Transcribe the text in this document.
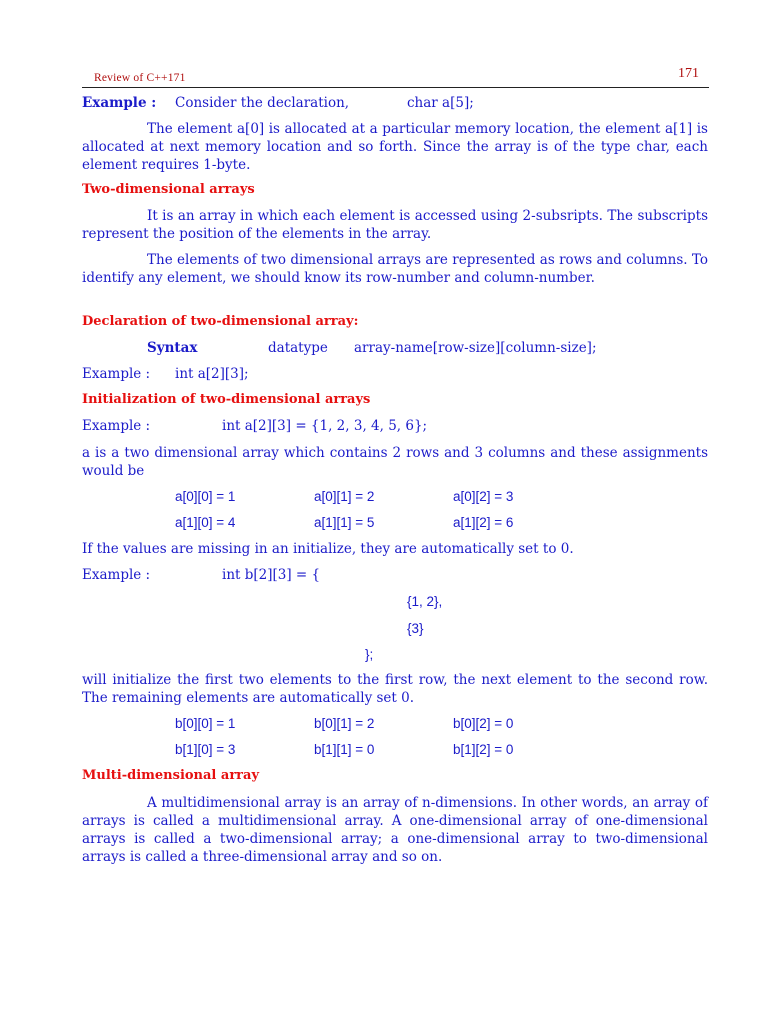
Review of C++171	171
Example : Consider the declaration,	char a[5];
The element a[0] is allocated at a particular memory location, the element a[1] is allocated at next memory location and so forth. Since the array is of the type char, each element requires 1-byte.
Two-dimensional arrays
It is an array in which each element is accessed using 2-subsripts. The subscripts represent the position of the elements in the array.
The elements of two dimensional arrays are represented as rows and columns. To identify any element, we should know its row-number and column-number.
Declaration of two-dimensional array:
Syntax	datatype array-name[row-size][column-size];
Example : int a[2][3];
Initialization of two-dimensional arrays
Example :	int a[2][3] = {1, 2, 3, 4, 5, 6};
a is a two dimensional array which contains 2 rows and 3 columns and these assignments would be
a[0][0] = 1	a[0][1] = 2	a[0][2] = 3
a[1][0] = 4	a[1][1] = 5	a[1][2] = 6
If the values are missing in an initialize, they are automatically set to 0.
Example :	int b[2][3] = {
{1, 2},
{3}
};
will initialize the first two elements to the first row, the next element to the second row. The remaining elements are automatically set 0.
b[0][0] = 1	b[0][1] = 2	b[0][2] = 0
b[1][0] = 3	b[1][1] = 0	b[1][2] = 0
Multi-dimensional array
A multidimensional array is an array of n-dimensions. In other words, an array of arrays is called a multidimensional array. A one-dimensional array of one-dimensional arrays is called a two-dimensional array; a one-dimensional array to two-dimensional arrays is called a three-dimensional array and so on.
